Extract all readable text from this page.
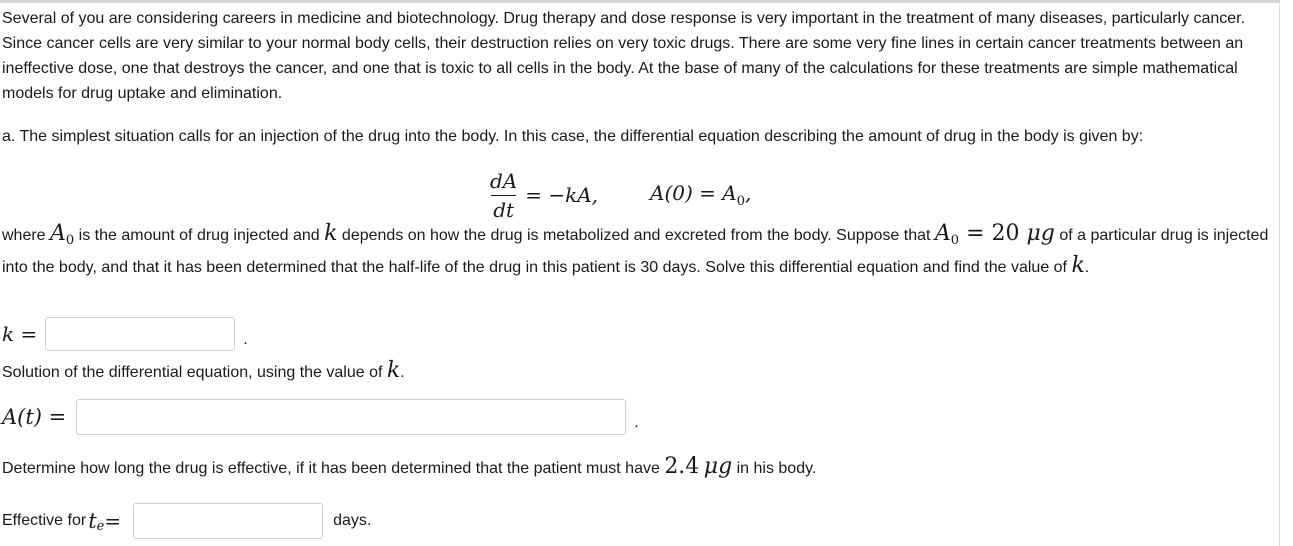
Several of you are considering careers in medicine and biotechnology. Drug therapy and dose response is very important in the treatment of many diseases, particularly cancer. Since cancer cells are very similar to your normal body cells, their destruction relies on very toxic drugs. There are some very fine lines in certain cancer treatments between an ineffective dose, one that destroys the cancer, and one that is toxic to all cells in the body. At the base of many of the calculations for these treatments are simple mathematical models for drug uptake and elimination.

a. The simplest situation calls for an injection of the drug into the body. In this case, the differential equation describing the amount of drug in the body is given by:

$\frac{dA}{dt} = -kA$,	$A(0) = A_0$,

where $A_0$ is the amount of drug injected and k depends on how the drug is metabolized and excreted from the body. Suppose that $A_0 = 20$ μg of a particular drug is injected into the body, and that it has been determined that the half-life of the drug in this patient is 30 days. Solve this differential equation and find the value of k.

k =	.

Solution of the differential equation, using the value of k.

A(t) =	.

Determine how long the drug is effective, if it has been determined that the patient must have 2.4 μg in his body.

Effective for $t_e$ =	days.
